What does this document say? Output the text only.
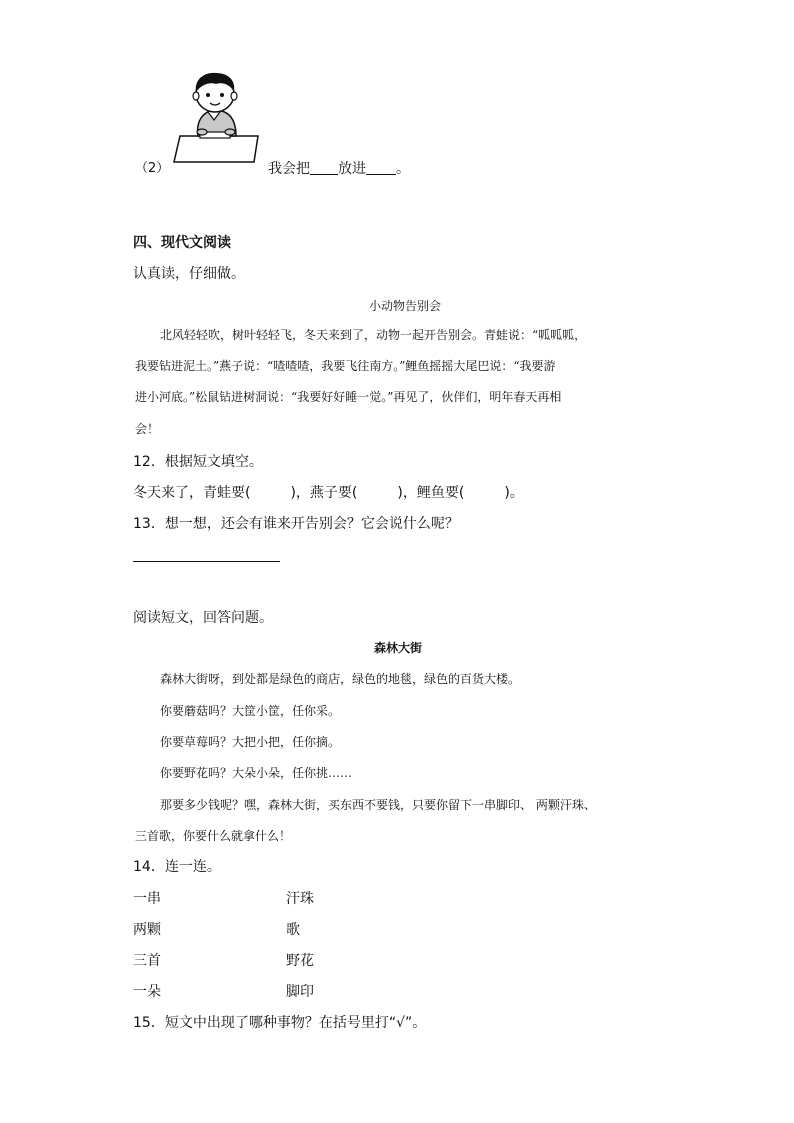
（2）	我会把 放进 。
四、现代文阅读
认真读，仔细做。
小动物告别会
北风轻轻吹，树叶轻轻飞，冬天来到了，动物一起开告别会。青蛙说：“呱呱呱，
我要钻进泥土。”燕子说：“喳喳喳，我要飞往南方。”鲤鱼摇摇大尾巴说：“我要游
进小河底。”松鼠钻进树洞说：“我要好好睡一觉。”再见了，伙伴们，明年春天再相
会！
12．根据短文填空。
冬天来了，青蛙要(	)，燕子要(	)，鲤鱼要(	)。
13．想一想，还会有谁来开告别会？它会说什么呢？
阅读短文，回答问题。
森林大街
森林大街呀，到处都是绿色的商店，绿色的地毯，绿色的百货大楼。
你要蘑菇吗？大筐小筐，任你采。
你要草莓吗？大把小把，任你摘。
你要野花吗？大朵小朵，任你挑……
那要多少钱呢？嘿，森林大街，买东西不要钱，只要你留下一串脚印、 两颗汗珠、
三首歌，你要什么就拿什么！
14．连一连。
一串	汗珠
两颗	歌
三首	野花
一朵	脚印
15．短文中出现了哪种事物？在括号里打“√”。
